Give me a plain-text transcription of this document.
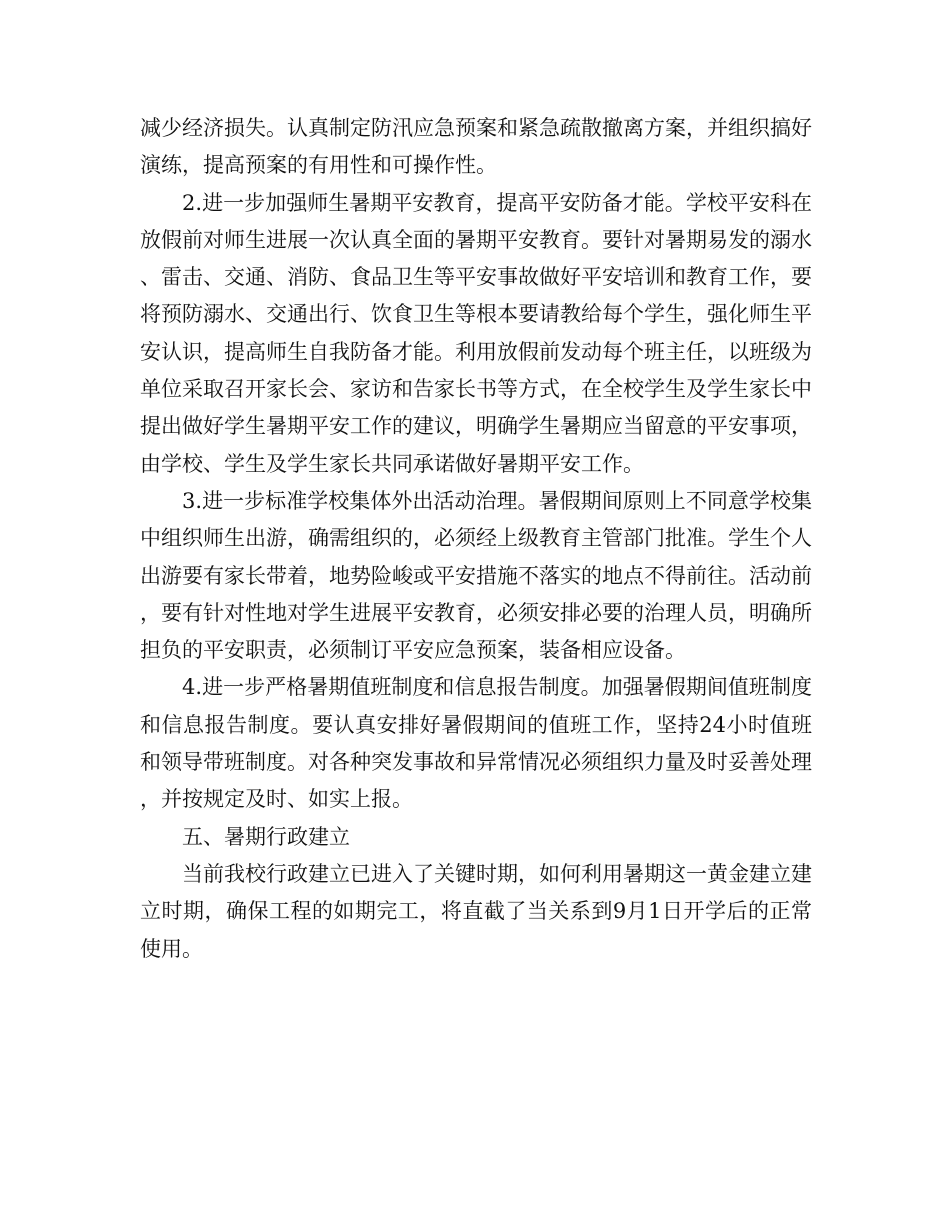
减少经济损失。认真制定防汛应急预案和紧急疏散撤离方案，并组织搞好演练，提高预案的有用性和可操作性。

2.进一步加强师生暑期平安教育，提高平安防备才能。学校平安科在放假前对师生进展一次认真全面的暑期平安教育。要针对暑期易发的溺水、雷击、交通、消防、食品卫生等平安事故做好平安培训和教育工作，要将预防溺水、交通出行、饮食卫生等根本要请教给每个学生，强化师生平安认识，提高师生自我防备才能。利用放假前发动每个班主任，以班级为单位采取召开家长会、家访和告家长书等方式，在全校学生及学生家长中提出做好学生暑期平安工作的建议，明确学生暑期应当留意的平安事项，由学校、学生及学生家长共同承诺做好暑期平安工作。

3.进一步标准学校集体外出活动治理。暑假期间原则上不同意学校集中组织师生出游，确需组织的，必须经上级教育主管部门批准。学生个人出游要有家长带着，地势险峻或平安措施不落实的地点不得前往。活动前，要有针对性地对学生进展平安教育，必须安排必要的治理人员，明确所担负的平安职责，必须制订平安应急预案，装备相应设备。

4.进一步严格暑期值班制度和信息报告制度。加强暑假期间值班制度和信息报告制度。要认真安排好暑假期间的值班工作，坚持24小时值班和领导带班制度。对各种突发事故和异常情况必须组织力量及时妥善处理，并按规定及时、如实上报。

五、暑期行政建立

当前我校行政建立已进入了关键时期，如何利用暑期这一黄金建立建立时期，确保工程的如期完工，将直截了当关系到9月1日开学后的正常使用。
